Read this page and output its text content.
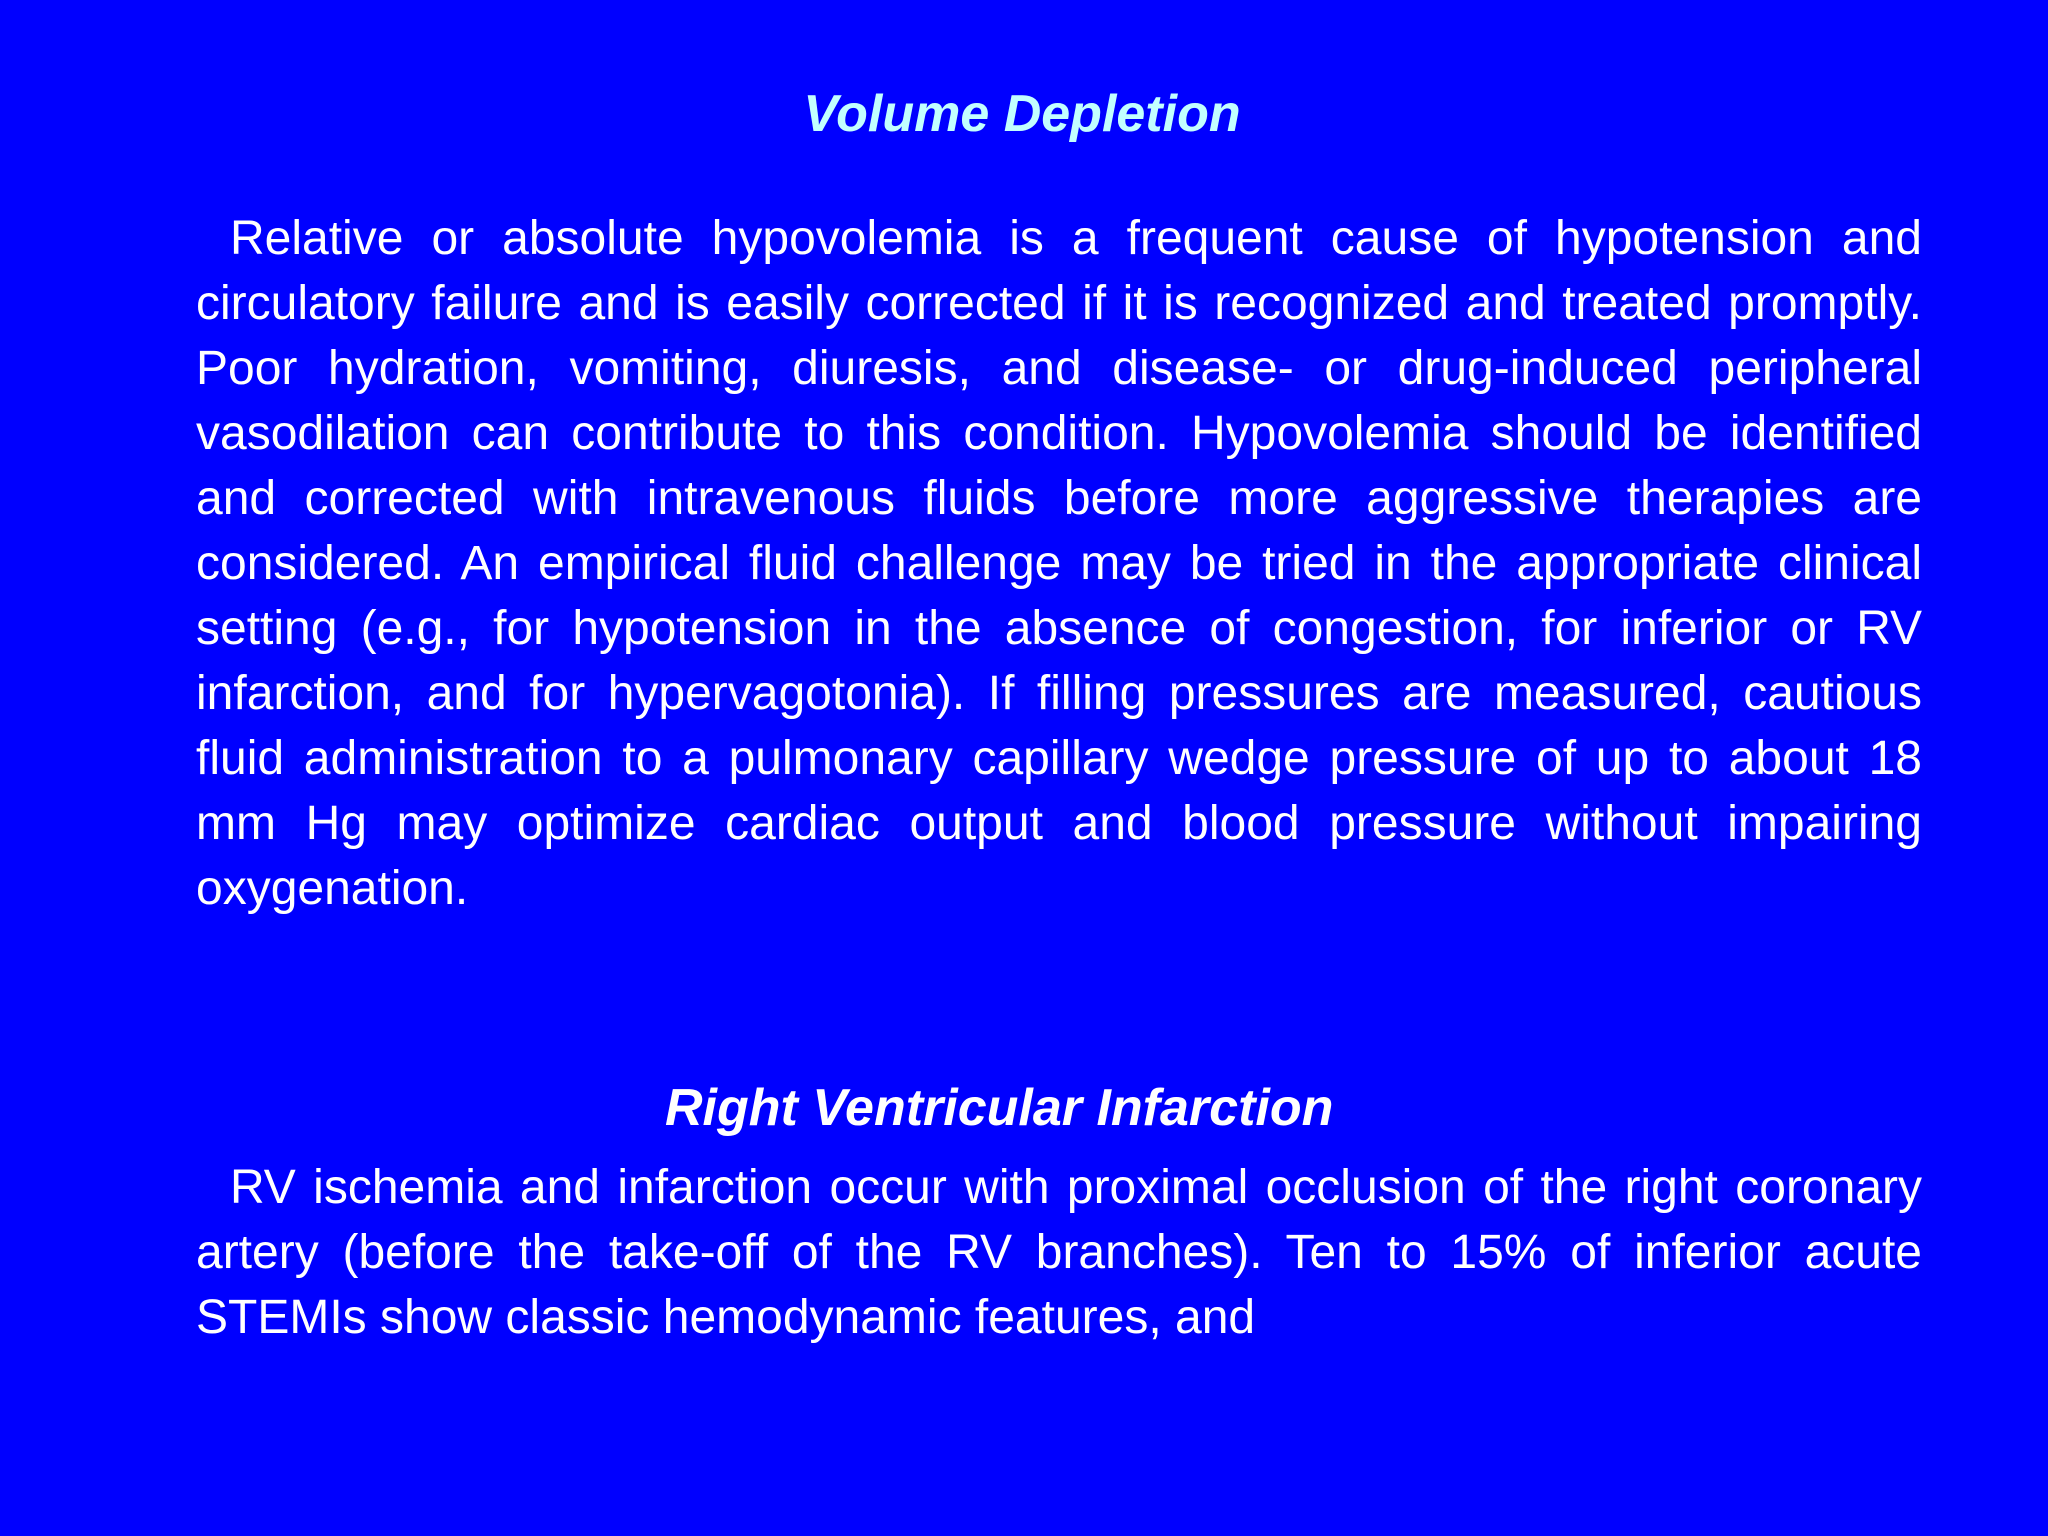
Volume Depletion

Relative or absolute hypovolemia is a frequent cause of hypotension and circulatory failure and is easily corrected if it is recognized and treated promptly. Poor hydration, vomiting, diuresis, and disease- or drug-induced peripheral vasodilation can contribute to this condition. Hypovolemia should be identified and corrected with intravenous fluids before more aggressive therapies are considered. An empirical fluid challenge may be tried in the appropriate clinical setting (e.g., for hypotension in the absence of congestion, for inferior or RV infarction, and for hypervagotonia). If filling pressures are measured, cautious fluid administration to a pulmonary capillary wedge pressure of up to about 18 mm Hg may optimize cardiac output and blood pressure without impairing oxygenation.

Right Ventricular Infarction

RV ischemia and infarction occur with proximal occlusion of the right coronary artery (before the take-off of the RV branches). Ten to 15% of inferior acute STEMIs show classic hemodynamic features, and
